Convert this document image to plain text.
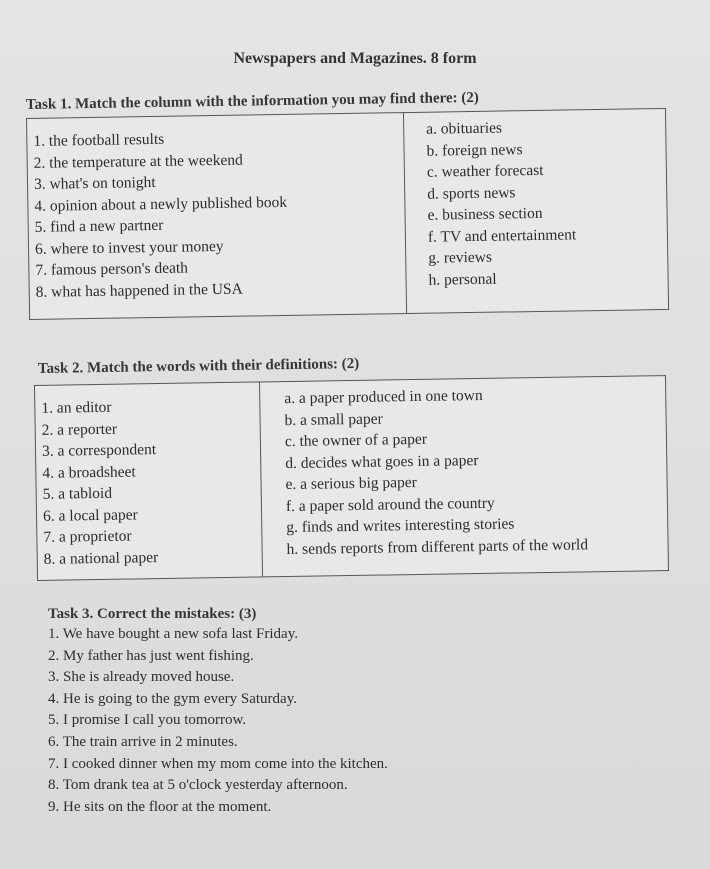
Newspapers and Magazines. 8 form
Task 1. Match the column with the information you may find there: (2)
1. the football results
2. the temperature at the weekend
3. what's on tonight
4. opinion about a newly published book
5. find a new partner
6. where to invest your money
7. famous person's death
8. what has happened in the USA

a. obituaries
b. foreign news
c. weather forecast
d. sports news
e. business section
f. TV and entertainment
g. reviews
h. personal
Task 2. Match the words with their definitions: (2)
1. an editor
2. a reporter
3. a correspondent
4. a broadsheet
5. a tabloid
6. a local paper
7. a proprietor
8. a national paper

a. a paper produced in one town
b. a small paper
c. the owner of a paper
d. decides what goes in a paper
e. a serious big paper
f. a paper sold around the country
g. finds and writes interesting stories
h. sends reports from different parts of the world
Task 3. Correct the mistakes: (3)
1. We have bought a new sofa last Friday.
2. My father has just went fishing.
3. She is already moved house.
4. He is going to the gym every Saturday.
5. I promise I call you tomorrow.
6. The train arrive in 2 minutes.
7. I cooked dinner when my mom come into the kitchen.
8. Tom drank tea at 5 o'clock yesterday afternoon.
9. He sits on the floor at the moment.
